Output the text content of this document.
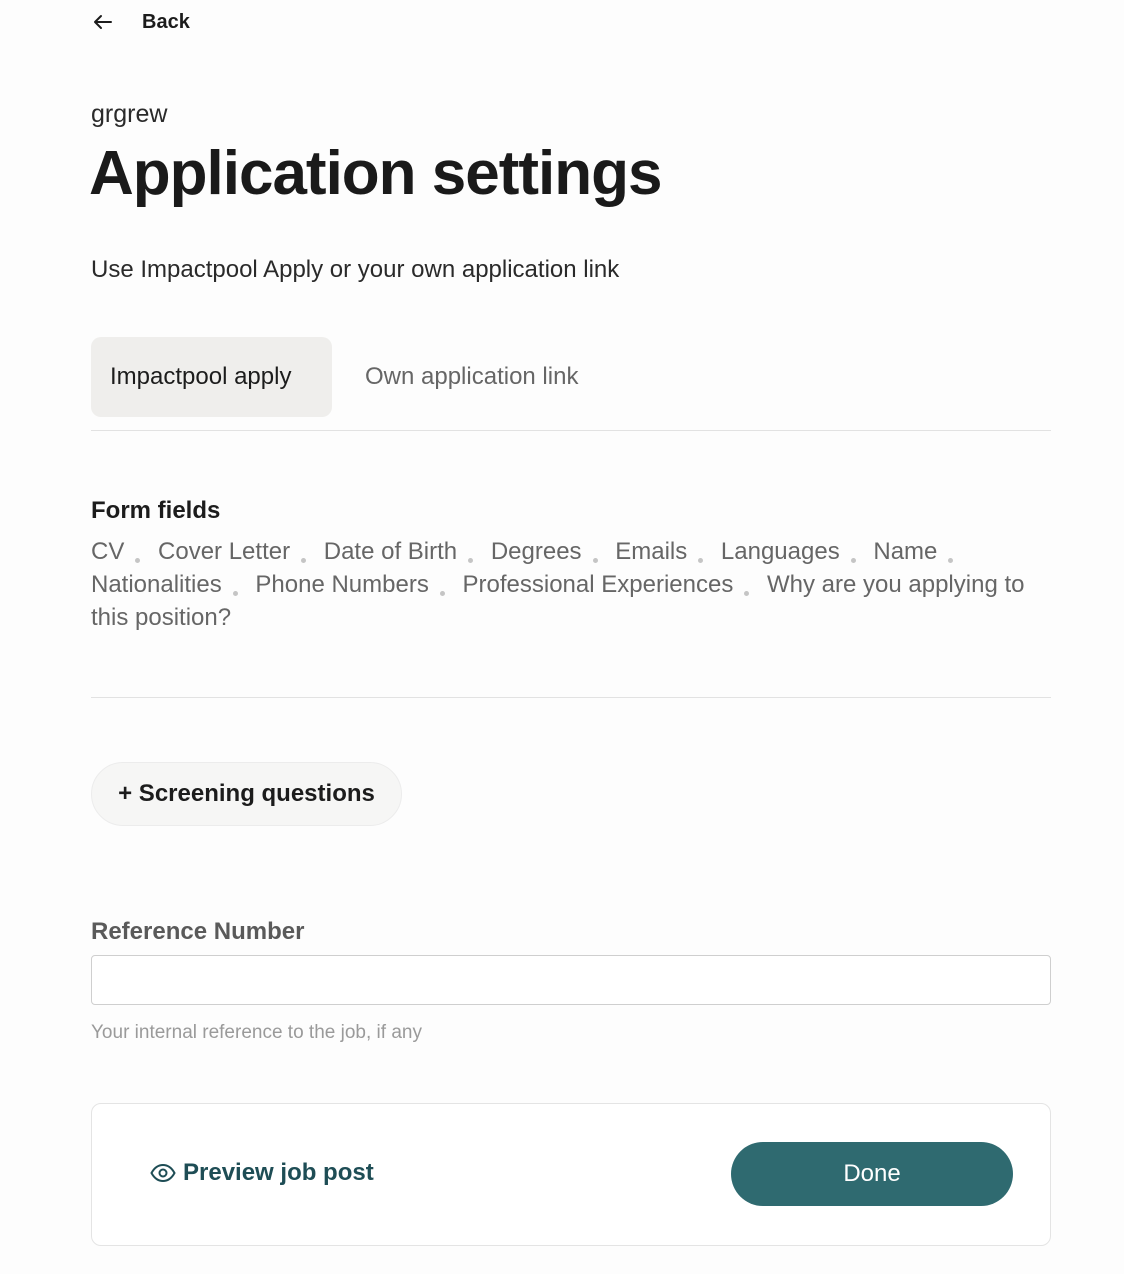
Back
grgrew
Application settings
Use Impactpool Apply or your own application link
Impactpool apply	Own application link
Form fields
CV Cover Letter Date of Birth Degrees Emails Languages Name Nationalities Phone Numbers Professional Experiences Why are you applying to this position?
+ Screening questions
Reference Number
Your internal reference to the job, if any
Preview job post	Done
